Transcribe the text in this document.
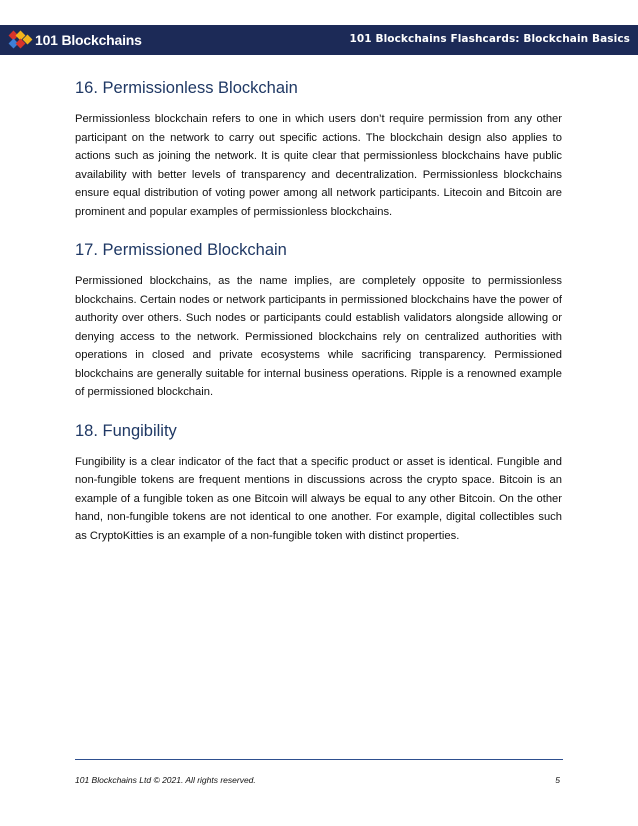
101 Blockchains	101 Blockchains Flashcards: Blockchain Basics
16. Permissionless Blockchain

Permissionless blockchain refers to one in which users don’t require permission from any other participant on the network to carry out specific actions. The blockchain design also applies to actions such as joining the network. It is quite clear that permissionless blockchains have public availability with better levels of transparency and decentralization. Permissionless blockchains ensure equal distribution of voting power among all network participants. Litecoin and Bitcoin are prominent and popular examples of permissionless blockchains.

17. Permissioned Blockchain

Permissioned blockchains, as the name implies, are completely opposite to permissionless blockchains. Certain nodes or network participants in permissioned blockchains have the power of authority over others. Such nodes or participants could establish validators alongside allowing or denying access to the network. Permissioned blockchains rely on centralized authorities with operations in closed and private ecosystems while sacrificing transparency. Permissioned blockchains are generally suitable for internal business operations. Ripple is a renowned example of permissioned blockchain.

18. Fungibility

Fungibility is a clear indicator of the fact that a specific product or asset is identical. Fungible and non-fungible tokens are frequent mentions in discussions across the crypto space. Bitcoin is an example of a fungible token as one Bitcoin will always be equal to any other Bitcoin. On the other hand, non-fungible tokens are not identical to one another. For example, digital collectibles such as CryptoKitties is an example of a non-fungible token with distinct properties.

101 Blockchains Ltd © 2021. All rights reserved.	5
